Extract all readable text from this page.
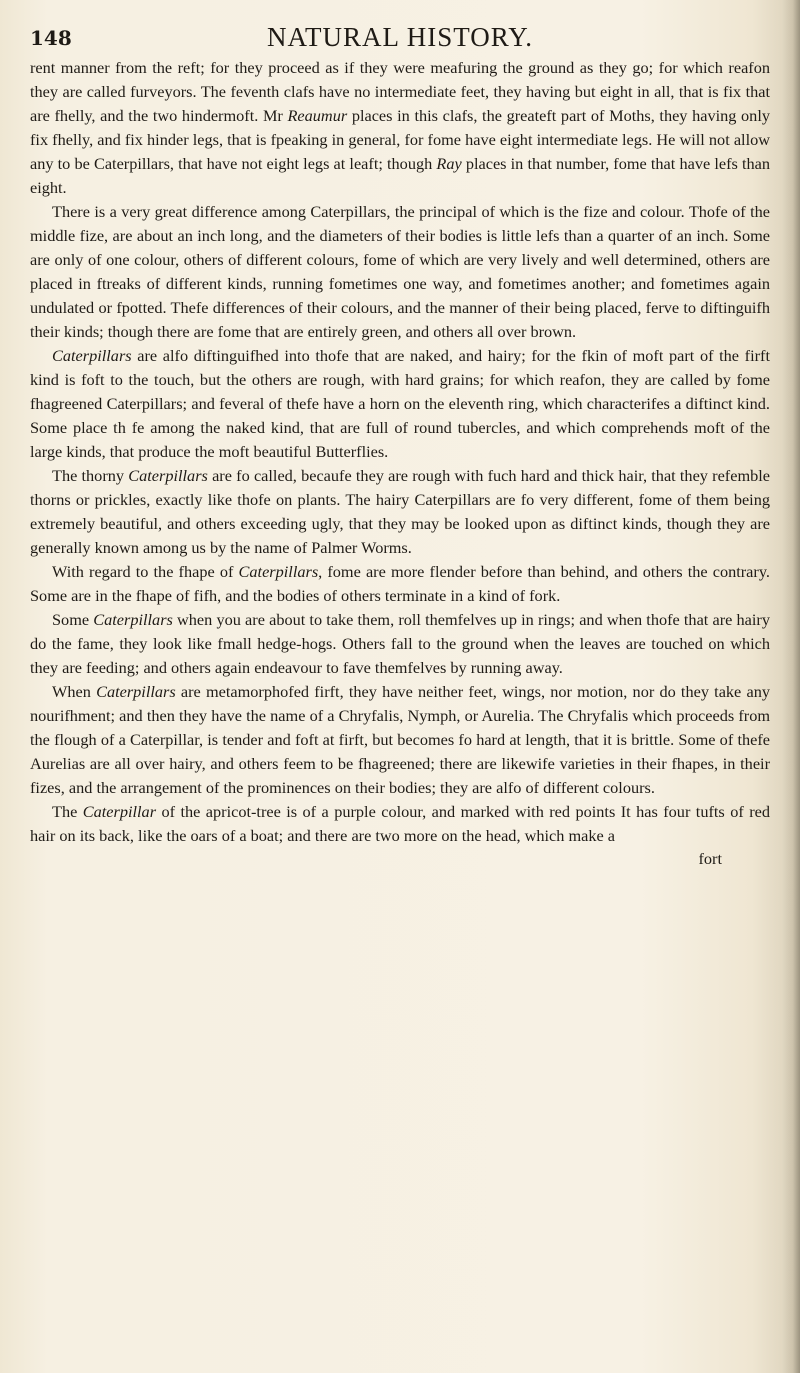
148	NATURAL HISTORY.

rent manner from the reft; for they proceed as if they were meafuring the ground as they go; for which reafon they are called furveyors. The feventh clafs have no intermediate feet, they having but eight in all, that is fix that are fhelly, and the two hindermoft. Mr Reaumur places in this clafs, the greateft part of Moths, they having only fix fhelly, and fix hinder legs, that is fpeaking in general, for fome have eight intermediate legs. He will not allow any to be Caterpillars, that have not eight legs at leaft; though Ray places in that number, fome that have lefs than eight.

There is a very great difference among Caterpillars, the principal of which is the fize and colour. Thofe of the middle fize, are about an inch long, and the diameters of their bodies is little lefs than a quarter of an inch. Some are only of one colour, others of different colours, fome of which are very lively and well determined, others are placed in ftreaks of different kinds, running fometimes one way, and fometimes another; and fometimes again undulated or fpotted. Thefe differences of their colours, and the manner of their being placed, ferve to diftinguifh their kinds; though there are fome that are entirely green, and others all over brown.

Caterpillars are alfo diftinguifhed into thofe that are naked, and hairy; for the fkin of moft part of the firft kind is foft to the touch, but the others are rough, with hard grains; for which reafon, they are called by fome fhagreened Caterpillars; and feveral of thefe have a horn on the eleventh ring, which characterifes a diftinct kind. Some place th fe among the naked kind, that are full of round tubercles, and which comprehends moft of the large kinds, that produce the moft beautiful Butterflies.

The thorny Caterpillars are fo called, becaufe they are rough with fuch hard and thick hair, that they refemble thorns or prickles, exactly like thofe on plants. The hairy Caterpillars are fo very different, fome of them being extremely beautiful, and others exceeding ugly, that they may be looked upon as diftinct kinds, though they are generally known among us by the name of Palmer Worms.

With regard to the fhape of Caterpillars, fome are more flender before than behind, and others the contrary. Some are in the fhape of fifh, and the bodies of others terminate in a kind of fork.

Some Caterpillars when you are about to take them, roll themfelves up in rings; and when thofe that are hairy do the fame, they look like fmall hedge-hogs. Others fall to the ground when the leaves are touched on which they are feeding; and others again endeavour to fave themfelves by running away.

When Caterpillars are metamorphofed firft, they have neither feet, wings, nor motion, nor do they take any nourifhment; and then they have the name of a Chryfalis, Nymph, or Aurelia. The Chryfalis which proceeds from the flough of a Caterpillar, is tender and foft at firft, but becomes fo hard at length, that it is brittle. Some of thefe Aurelias are all over hairy, and others feem to be fhagreened; there are likewife varieties in their fhapes, in their fizes, and the arrangement of the prominences on their bodies; they are alfo of different colours.

The Caterpillar of the apricot-tree is of a purple colour, and marked with red points It has four tufts of red hair on its back, like the oars of a boat; and there are two more on the head, which make a

fort
